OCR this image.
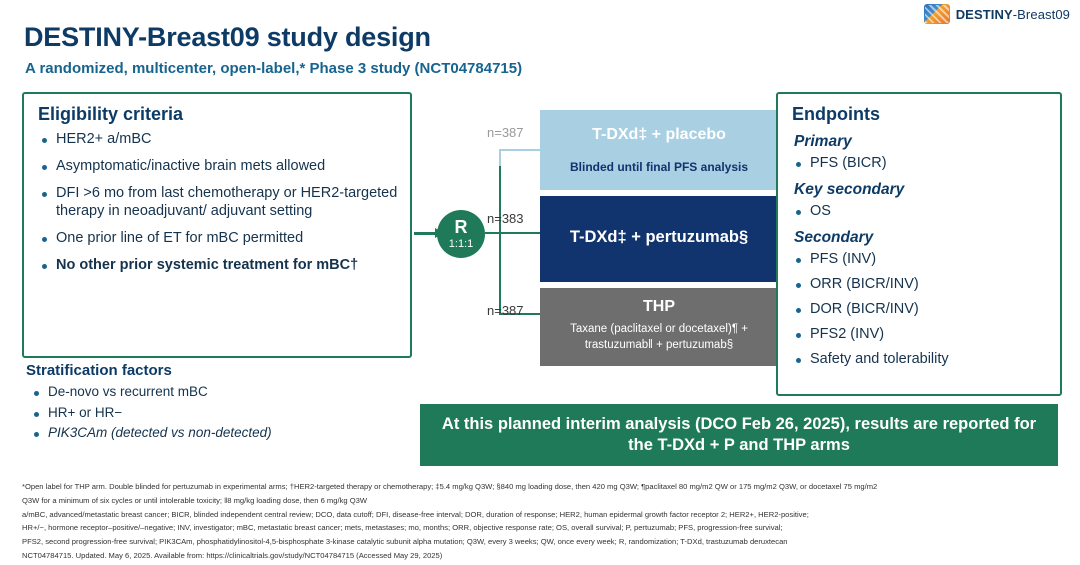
DESTINY-Breast09
DESTINY-Breast09 study design
A randomized, multicenter, open-label,* Phase 3 study (NCT04784715)
Eligibility criteria
HER2+ a/mBC
Asymptomatic/inactive brain mets allowed
DFI >6 mo from last chemotherapy or HER2-targeted therapy in neoadjuvant/ adjuvant setting
One prior line of ET for mBC permitted
No other prior systemic treatment for mBC†
Stratification factors
De-novo vs recurrent mBC
HR+ or HR−
PIK3CAm (detected vs non-detected)
R
1:1:1
n=387
n=383
n=387
T-DXd‡ + placebo
Blinded until final PFS analysis
T-DXd‡ + pertuzumab§
THP
Taxane (paclitaxel or docetaxel)¶ + trastuzumab‖ + pertuzumab§
Endpoints
Primary
PFS (BICR)
Key secondary
OS
Secondary
PFS (INV)
ORR (BICR/INV)
DOR (BICR/INV)
PFS2 (INV)
Safety and tolerability
At this planned interim analysis (DCO Feb 26, 2025), results are reported for the T-DXd + P and THP arms

*Open label for THP arm. Double blinded for pertuzumab in experimental arms; †HER2-targeted therapy or chemotherapy; ‡5.4 mg/kg Q3W; §840 mg loading dose, then 420 mg Q3W; ¶paclitaxel 80 mg/m2 QW or 175 mg/m2 Q3W, or docetaxel 75 mg/m2

Q3W for a minimum of six cycles or until intolerable toxicity; ‖8 mg/kg loading dose, then 6 mg/kg Q3W

a/mBC, advanced/metastatic breast cancer; BICR, blinded independent central review; DCO, data cutoff; DFI, disease-free interval; DOR, duration of response; HER2, human epidermal growth factor receptor 2; HER2+, HER2-positive;

HR+/−, hormone receptor–positive/–negative; INV, investigator; mBC, metastatic breast cancer; mets, metastases; mo, months; ORR, objective response rate; OS, overall survival; P, pertuzumab; PFS, progression-free survival;

PFS2, second progression-free survival; PIK3CAm, phosphatidylinositol-4,5-bisphosphate 3-kinase catalytic subunit alpha mutation; Q3W, every 3 weeks; QW, once every week; R, randomization; T-DXd, trastuzumab deruxtecan

NCT04784715. Updated. May 6, 2025. Available from: https://clinicaltrials.gov/study/NCT04784715 (Accessed May 29, 2025)
